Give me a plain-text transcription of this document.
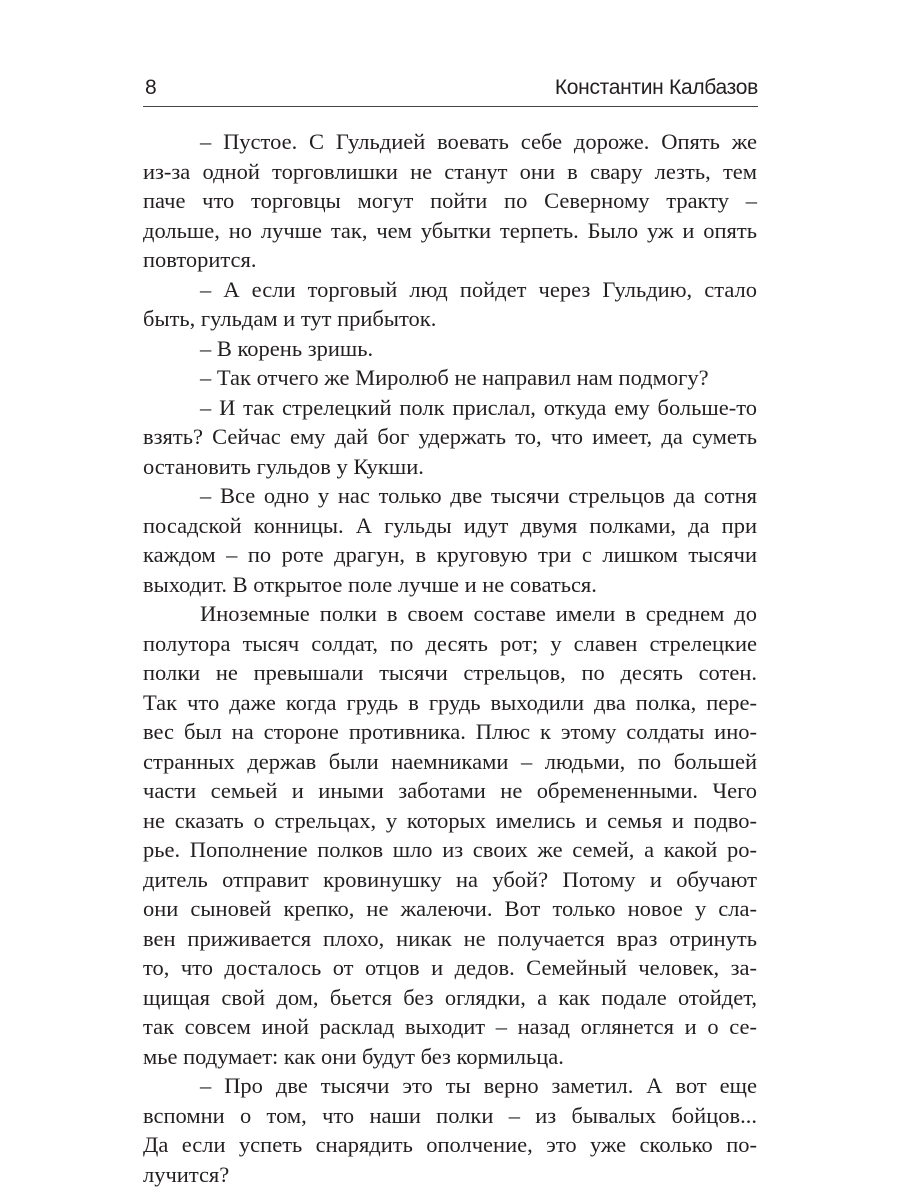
8	Константин Калбазов
– Пустое. С Гульдией воевать себе дороже. Опять же
из-за одной торговлишки не станут они в свару лезть, тем
паче что торговцы могут пойти по Северному тракту –
дольше, но лучше так, чем убытки терпеть. Было уж и опять
повторится.
– А если торговый люд пойдет через Гульдию, стало
быть, гульдам и тут прибыток.
– В корень зришь.
– Так отчего же Миролюб не направил нам подмогу?
– И так стрелецкий полк прислал, откуда ему больше-то
взять? Сейчас ему дай бог удержать то, что имеет, да суметь
остановить гульдов у Кукши.
– Все одно у нас только две тысячи стрельцов да сотня
посадской конницы. А гульды идут двумя полками, да при
каждом – по роте драгун, в круговую три с лишком тысячи
выходит. В открытое поле лучше и не соваться.
Иноземные полки в своем составе имели в среднем до
полутора тысяч солдат, по десять рот; у славен стрелецкие
полки не превышали тысячи стрельцов, по десять сотен.
Так что даже когда грудь в грудь выходили два полка, пере-
вес был на стороне противника. Плюс к этому солдаты ино-
странных держав были наемниками – людьми, по большей
части семьей и иными заботами не обремененными. Чего
не сказать о стрельцах, у которых имелись и семья и подво-
рье. Пополнение полков шло из своих же семей, а какой ро-
дитель отправит кровинушку на убой? Потому и обучают
они сыновей крепко, не жалеючи. Вот только новое у сла-
вен приживается плохо, никак не получается враз отринуть
то, что досталось от отцов и дедов. Семейный человек, за-
щищая свой дом, бьется без оглядки, а как подале отойдет,
так совсем иной расклад выходит – назад оглянется и о се-
мье подумает: как они будут без кормильца.
– Про две тысячи это ты верно заметил. А вот еще
вспомни о том, что наши полки – из бывалых бойцов...
Да если успеть снарядить ополчение, это уже сколько по-
лучится?
